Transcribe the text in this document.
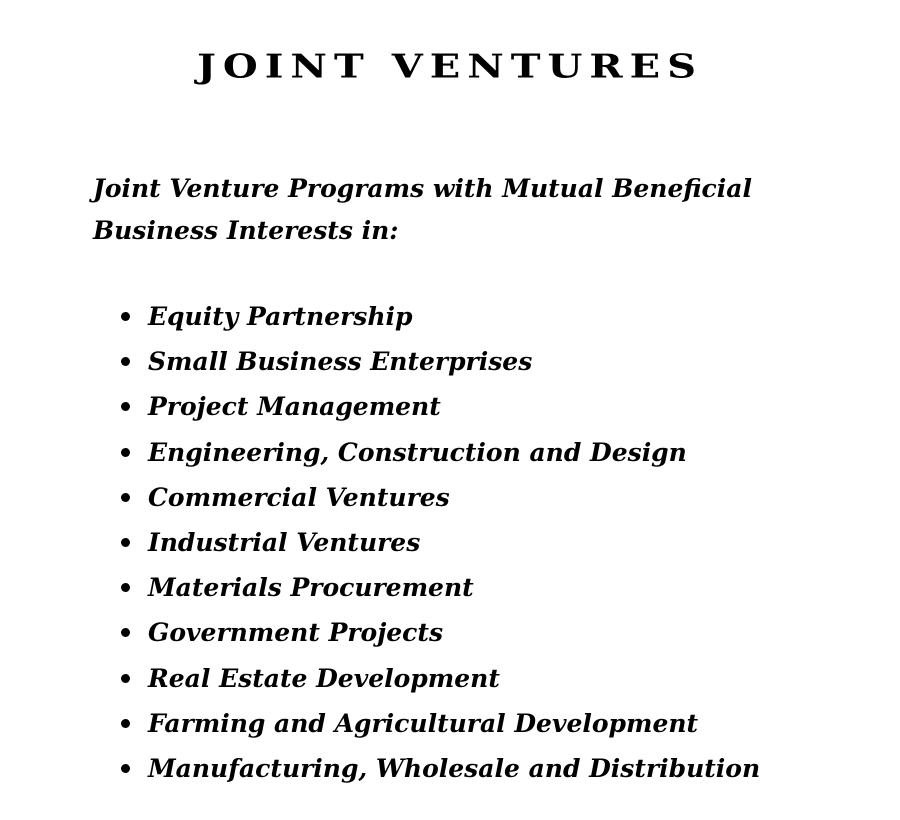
JOINT VENTURES

Joint Venture Programs with Mutual Beneficial Business Interests in:

Equity Partnership
Small Business Enterprises
Project Management
Engineering, Construction and Design
Commercial Ventures
Industrial Ventures
Materials Procurement
Government Projects
Real Estate Development
Farming and Agricultural Development
Manufacturing, Wholesale and Distribution
